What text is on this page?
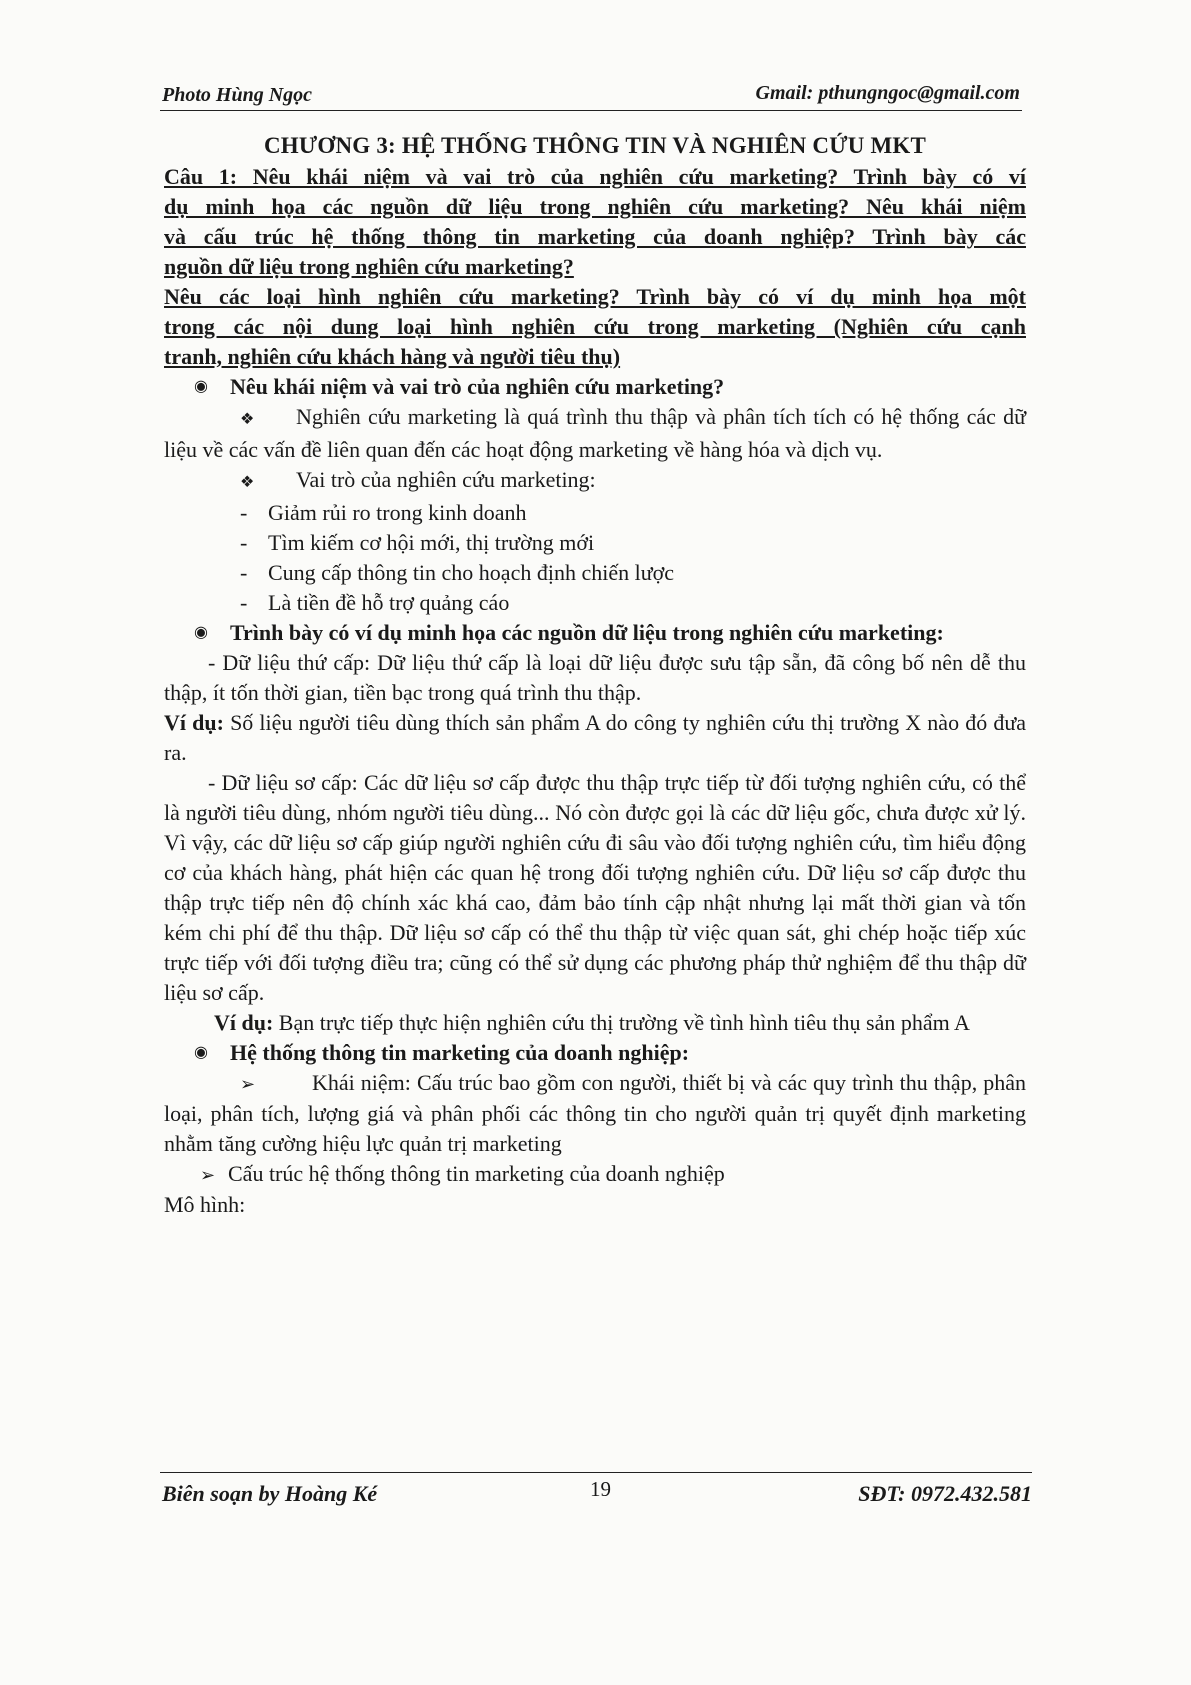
Photo Hùng Ngọc	Gmail: pthungngoc@gmail.com

CHƯƠNG 3: HỆ THỐNG THÔNG TIN VÀ NGHIÊN CỨU MKT

Câu 1: Nêu khái niệm và vai trò của nghiên cứu marketing? Trình bày có ví

dụ minh họa các nguồn dữ liệu trong nghiên cứu marketing? Nêu khái niệm

và cấu trúc hệ thống thông tin marketing của doanh nghiệp? Trình bày các

nguồn dữ liệu trong nghiên cứu marketing?

Nêu các loại hình nghiên cứu marketing? Trình bày có ví dụ minh họa một

trong các nội dung loại hình nghiên cứu trong marketing (Nghiên cứu cạnh

tranh, nghiên cứu khách hàng và người tiêu thụ)

◉	Nêu khái niệm và vai trò của nghiên cứu marketing?

❖ Nghiên cứu marketing là quá trình thu thập và phân tích tích có hệ thống các dữ liệu về các vấn đề liên quan đến các hoạt động marketing về hàng hóa và dịch vụ.

❖ Vai trò của nghiên cứu marketing:

- Giảm rủi ro trong kinh doanh

- Tìm kiếm cơ hội mới, thị trường mới

- Cung cấp thông tin cho hoạch định chiến lược

- Là tiền đề hỗ trợ quảng cáo

◉	Trình bày có ví dụ minh họa các nguồn dữ liệu trong nghiên cứu marketing:

- Dữ liệu thứ cấp: Dữ liệu thứ cấp là loại dữ liệu được sưu tập sẵn, đã công bố nên dễ thu thập, ít tốn thời gian, tiền bạc trong quá trình thu thập.

Ví dụ: Số liệu người tiêu dùng thích sản phẩm A do công ty nghiên cứu thị trường X nào đó đưa ra.

- Dữ liệu sơ cấp: Các dữ liệu sơ cấp được thu thập trực tiếp từ đối tượng nghiên cứu, có thể là người tiêu dùng, nhóm người tiêu dùng... Nó còn được gọi là các dữ liệu gốc, chưa được xử lý. Vì vậy, các dữ liệu sơ cấp giúp người nghiên cứu đi sâu vào đối tượng nghiên cứu, tìm hiểu động cơ của khách hàng, phát hiện các quan hệ trong đối tượng nghiên cứu. Dữ liệu sơ cấp được thu thập trực tiếp nên độ chính xác khá cao, đảm bảo tính cập nhật nhưng lại mất thời gian và tốn kém chi phí để thu thập. Dữ liệu sơ cấp có thể thu thập từ việc quan sát, ghi chép hoặc tiếp xúc trực tiếp với đối tượng điều tra; cũng có thể sử dụng các phương pháp thử nghiệm để thu thập dữ liệu sơ cấp.

Ví dụ: Bạn trực tiếp thực hiện nghiên cứu thị trường về tình hình tiêu thụ sản phẩm A

◉	Hệ thống thông tin marketing của doanh nghiệp:

➢	Khái niệm: Cấu trúc bao gồm con người, thiết bị và các quy trình thu thập, phân loại, phân tích, lượng giá và phân phối các thông tin cho người quản trị quyết định marketing nhằm tăng cường hiệu lực quản trị marketing

➢ Cấu trúc hệ thống thông tin marketing của doanh nghiệp

Mô hình:

Biên soạn by Hoàng Ké	19	SĐT: 0972.432.581
